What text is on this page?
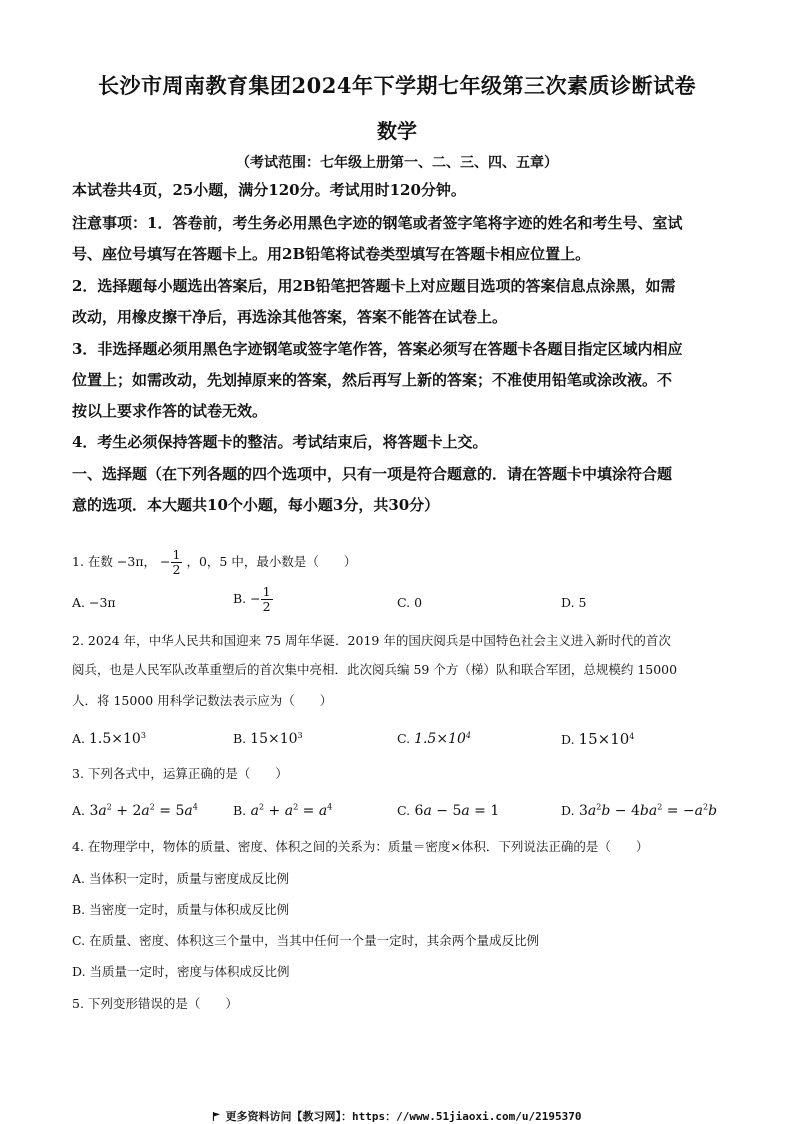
长沙市周南教育集团2024年下学期七年级第三次素质诊断试卷
数学
（考试范围：七年级上册第一、二、三、四、五章）
本试卷共4页，25小题，满分120分。考试用时120分钟。
注意事项：1．答卷前，考生务必用黑色字迹的钢笔或者签字笔将字迹的姓名和考生号、室试
号、座位号填写在答题卡上。用2B铅笔将试卷类型填写在答题卡相应位置上。
2．选择题每小题选出答案后，用2B铅笔把答题卡上对应题目选项的答案信息点涂黑，如需
改动，用橡皮擦干净后，再选涂其他答案，答案不能答在试卷上。
3．非选择题必须用黑色字迹钢笔或签字笔作答，答案必须写在答题卡各题目指定区域内相应
位置上；如需改动，先划掉原来的答案，然后再写上新的答案；不准使用铅笔或涂改液。不
按以上要求作答的试卷无效。
4．考生必须保持答题卡的整洁。考试结束后，将答题卡上交。
一、选择题（在下列各题的四个选项中，只有一项是符合题意的．请在答题卡中填涂符合题
意的选项．本大题共10个小题，每小题3分，共30分）
1. 在数 −3π， − $\frac{1}{2}$ ，0，5 中，最小数是（　　）
A. −3π	B. − $\frac{1}{2}$	C. 0	D. 5
2. 2024 年，中华人民共和国迎来 75 周年华诞．2019 年的国庆阅兵是中国特色社会主义进入新时代的首次
阅兵，也是人民军队改革重塑后的首次集中亮相．此次阅兵编 59 个方（梯）队和联合军团，总规模约 15000
人．将 15000 用科学记数法表示应为（　　）
A. $1.5\times 10^3$	B. $15\times 10^3$	C. $1.5\times 10^4$	D. $15\times 10^4$
3. 下列各式中，运算正确的是（　　）
A. $3a^2 + 2a^2 = 5a^4$	B. $a^2 + a^2 = a^4$	C. 6a − 5a = 1	D. $3a^2b - 4ba^2 = -a^2b$
4. 在物理学中，物体的质量、密度、体积之间的关系为：质量＝密度×体积．下列说法正确的是（　　）
A. 当体积一定时，质量与密度成反比例
B. 当密度一定时，质量与体积成反比例
C. 在质量、密度、体积这三个量中，当其中任何一个量一定时，其余两个量成反比例
D. 当质量一定时，密度与体积成反比例
5. 下列变形错误的是（　　）
更多资料访问【教习网】：https：//www.51jiaoxi.com/u/2195370
